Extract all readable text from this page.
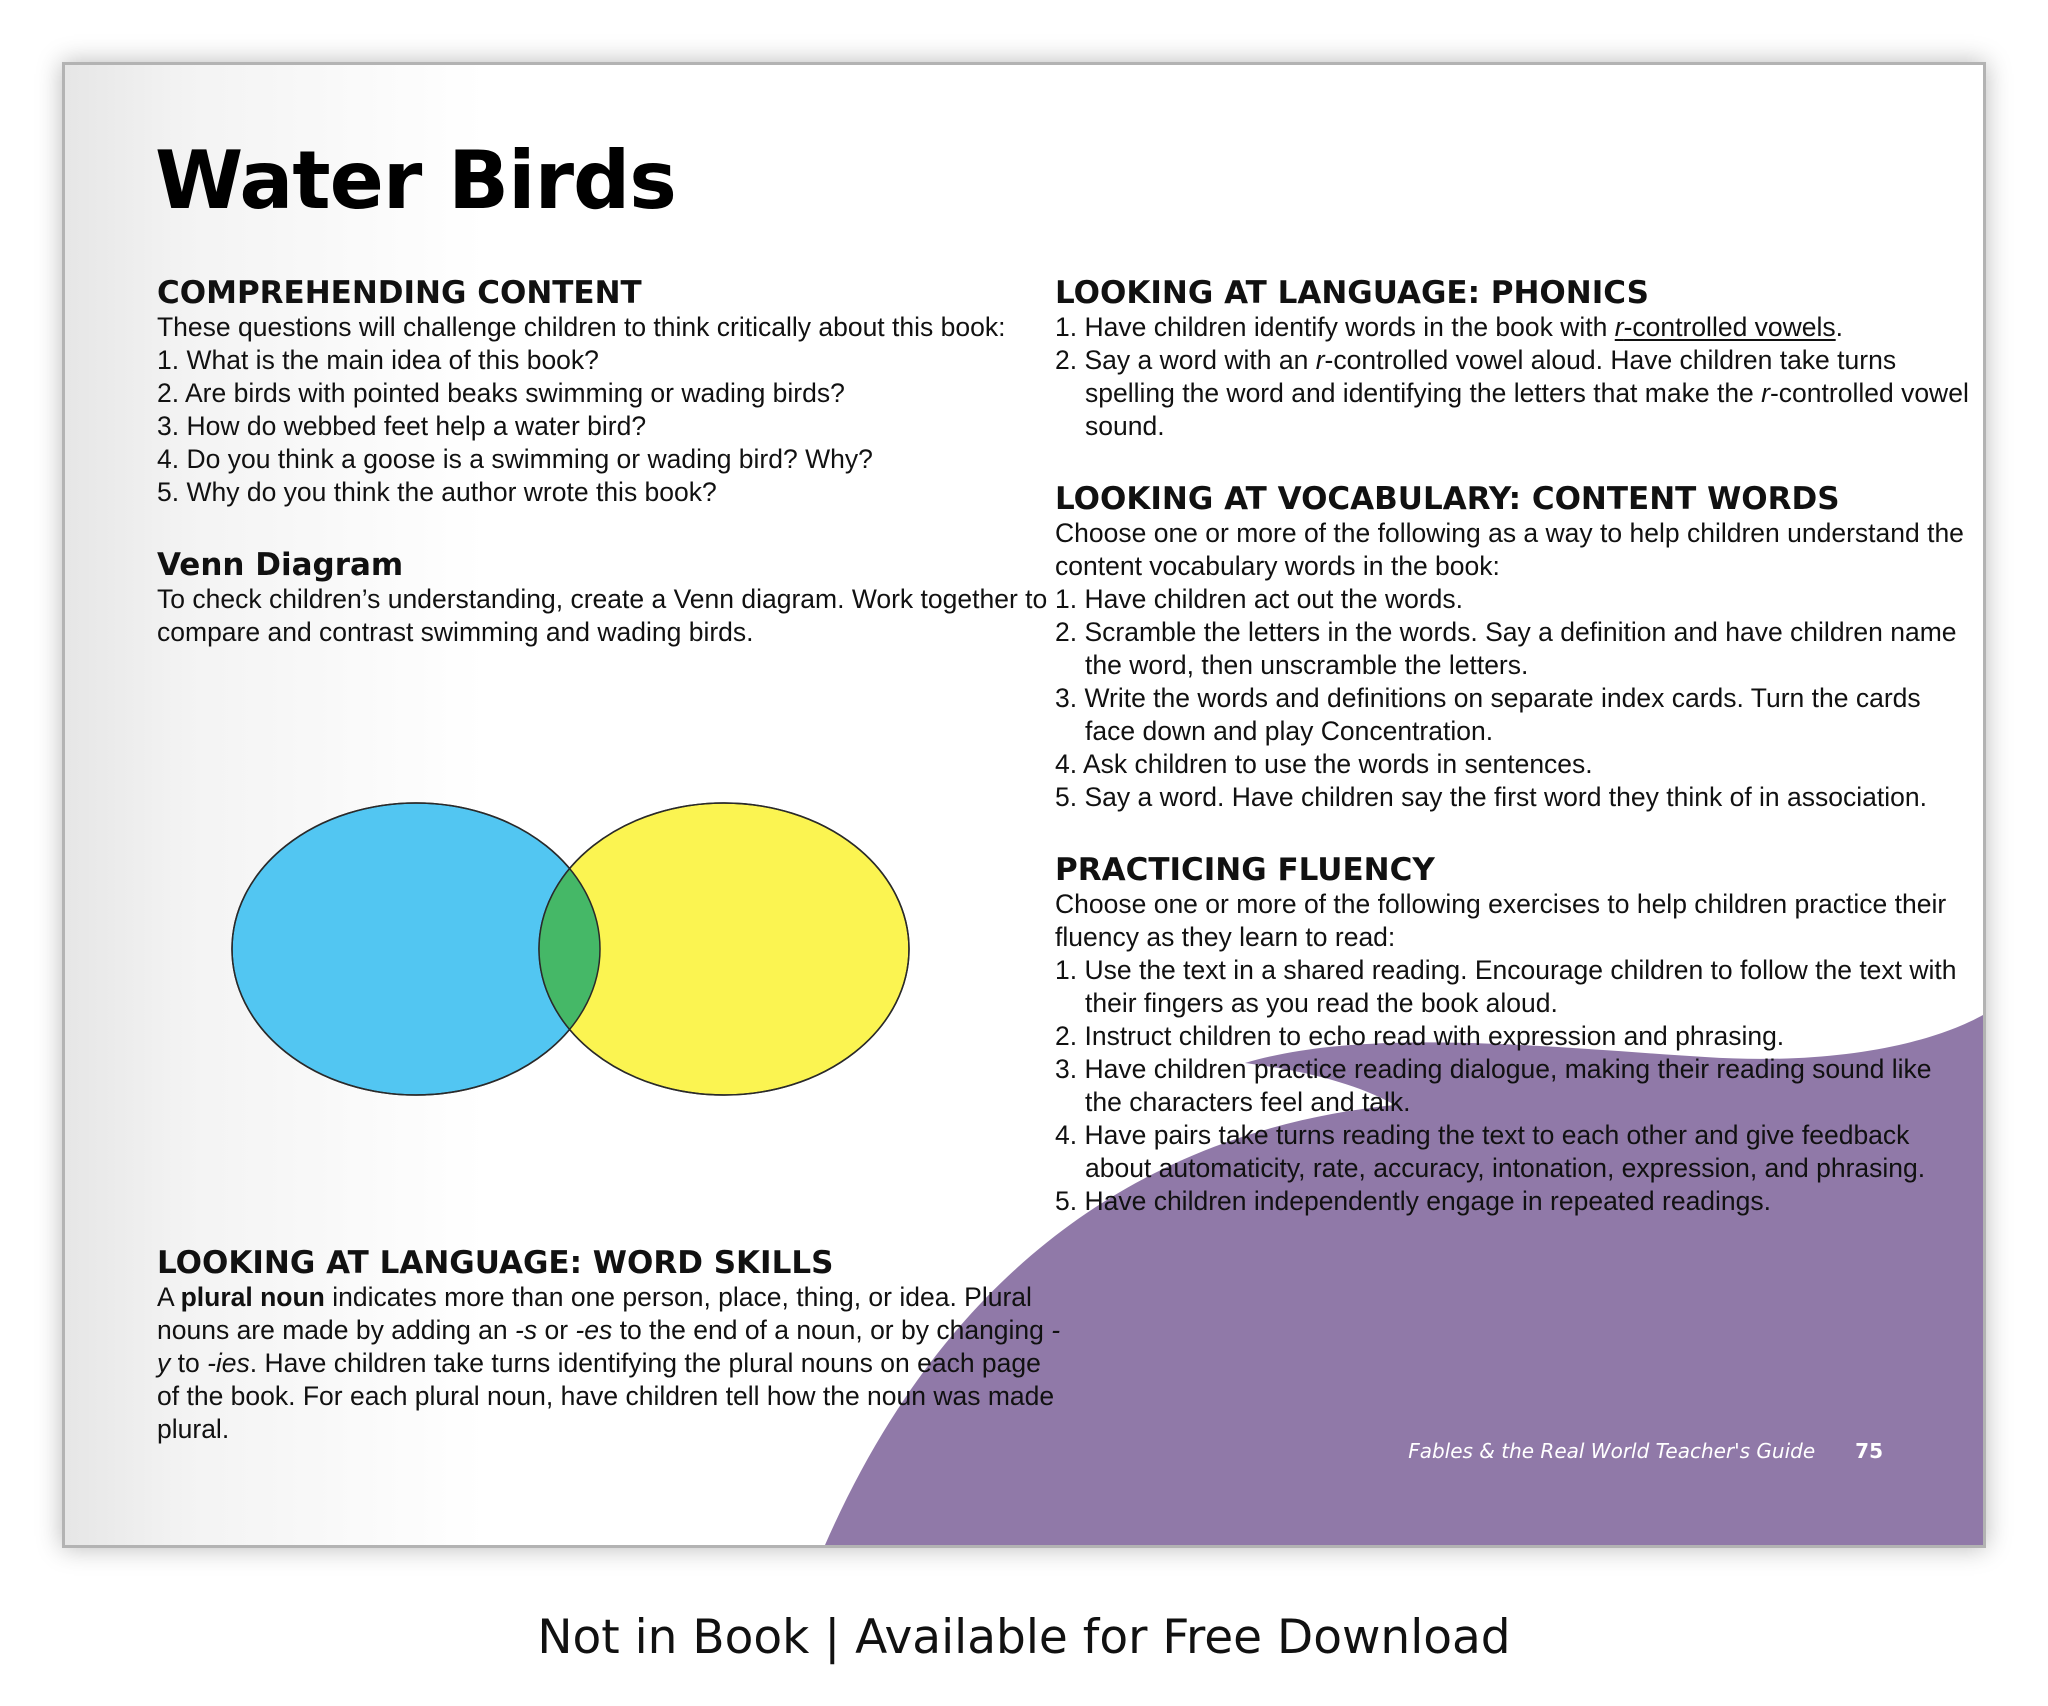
Water Birds
COMPREHENDING CONTENT

These questions will challenge children to think critically about this book:

1. What is the main idea of this book?
2. Are birds with pointed beaks swimming or wading birds?
3. How do webbed feet help a water bird?
4. Do you think a goose is a swimming or wading bird? Why?
5. Why do you think the author wrote this book?
Venn Diagram

To check children’s understanding, create a Venn diagram. Work together to compare and contrast swimming and wading birds.

LOOKING AT LANGUAGE: WORD SKILLS

A plural noun indicates more than one person, place, thing, or idea. Plural nouns are made by adding an -s or -es to the end of a noun, or by changing -y to -ies. Have children take turns identifying the plural nouns on each page of the book. For each plural noun, have children tell how the noun was made plural.

LOOKING AT LANGUAGE: PHONICS
1. Have children identify words in the book with r-controlled vowels.
2. Say a word with an r-controlled vowel aloud. Have children take turns spelling the word and identifying the letters that make the r-controlled vowel sound.
LOOKING AT VOCABULARY: CONTENT WORDS

Choose one or more of the following as a way to help children understand the content vocabulary words in the book:

1. Have children act out the words.
2. Scramble the letters in the words. Say a definition and have children name the word, then unscramble the letters.
3. Write the words and definitions on separate index cards. Turn the cards face down and play Concentration.
4. Ask children to use the words in sentences.
5. Say a word. Have children say the first word they think of in association.
PRACTICING FLUENCY

Choose one or more of the following exercises to help children practice their fluency as they learn to read:

1. Use the text in a shared reading. Encourage children to follow the text with their fingers as you read the book aloud.
2. Instruct children to echo read with expression and phrasing.
3. Have children practice reading dialogue, making their reading sound like the characters feel and talk.
4. Have pairs take turns reading the text to each other and give feedback about automaticity, rate, accuracy, intonation, expression, and phrasing.
5. Have children independently engage in repeated readings.
Fables & the Real World Teacher's Guide 75
Not in Book | Available for Free Download
